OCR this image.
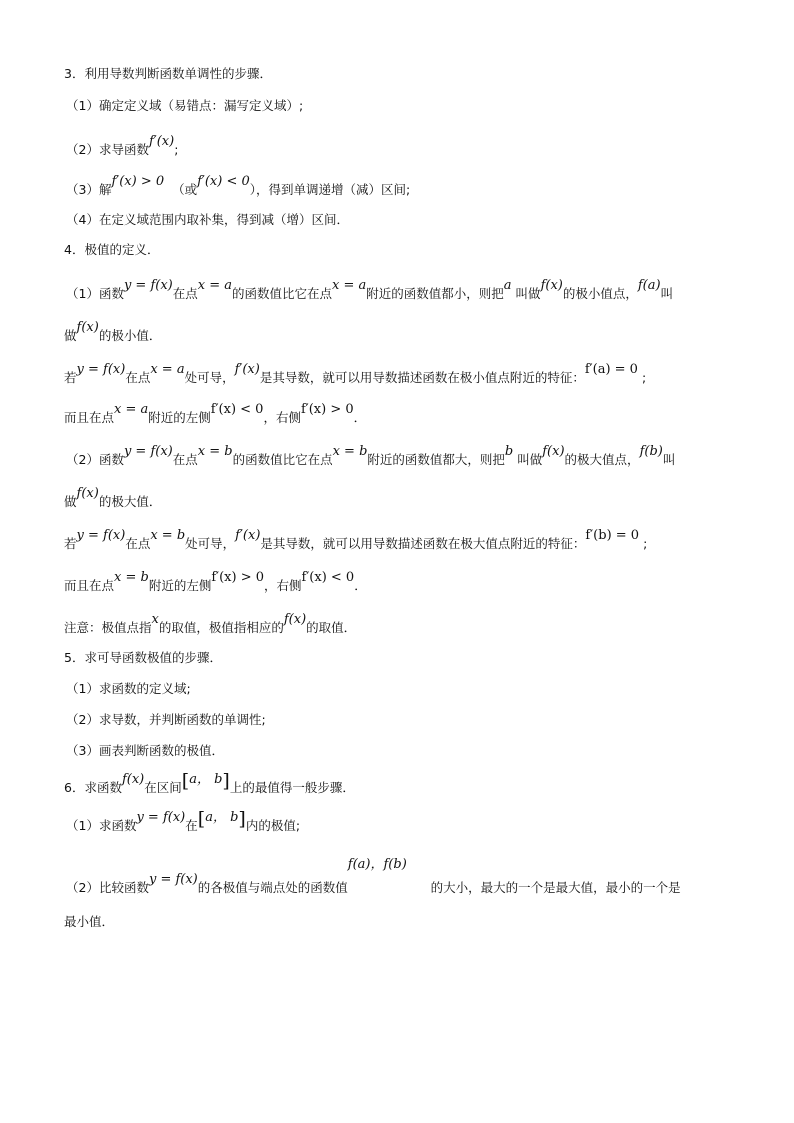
3．利用导数判断函数单调性的步骤．
（1）确定定义域（易错点：漏写定义域）;
（2）求导函数f′(x);
（3）解f′(x) > 0  （或f′(x) < 0），得到单调递增（减）区间;
（4）在定义域范围内取补集，得到减（增）区间．
4．极值的定义．
（1）函数y = f(x)在点x = a的函数值比它在点x = a附近的函数值都小，则把a 叫做f(x)的极小值点，f(a)叫
做f(x)的极小值．
若y = f(x)在点x = a处可导，f′(x)是其导数，就可以用导数描述函数在极小值点附近的特征：f′(a) = 0 ;
而且在点x = a附近的左侧f′(x) < 0，右侧f′(x) > 0．
（2）函数y = f(x)在点x = b的函数值比它在点x = b附近的函数值都大，则把b 叫做f(x)的极大值点，f(b)叫
做f(x)的极大值．
若y = f(x)在点x = b处可导，f′(x)是其导数，就可以用导数描述函数在极大值点附近的特征：f′(b) = 0 ;
而且在点x = b附近的左侧f′(x) > 0，右侧f′(x) < 0．
注意：极值点指x的取值，极值指相应的f(x)的取值．
5．求可导函数极值的步骤．
（1）求函数的定义域;
（2）求导数，并判断函数的单调性;
（3）画表判断函数的极值．
6．求函数f(x)在区间[a， b]上的最值得一般步骤．
（1）求函数y = f(x)在[a， b]内的极值;
（2）比较函数y = f(x)的各极值与端点处的函数值f(a)，f(b)      的大小，最大的一个是最大值，最小的一个是
最小值．
